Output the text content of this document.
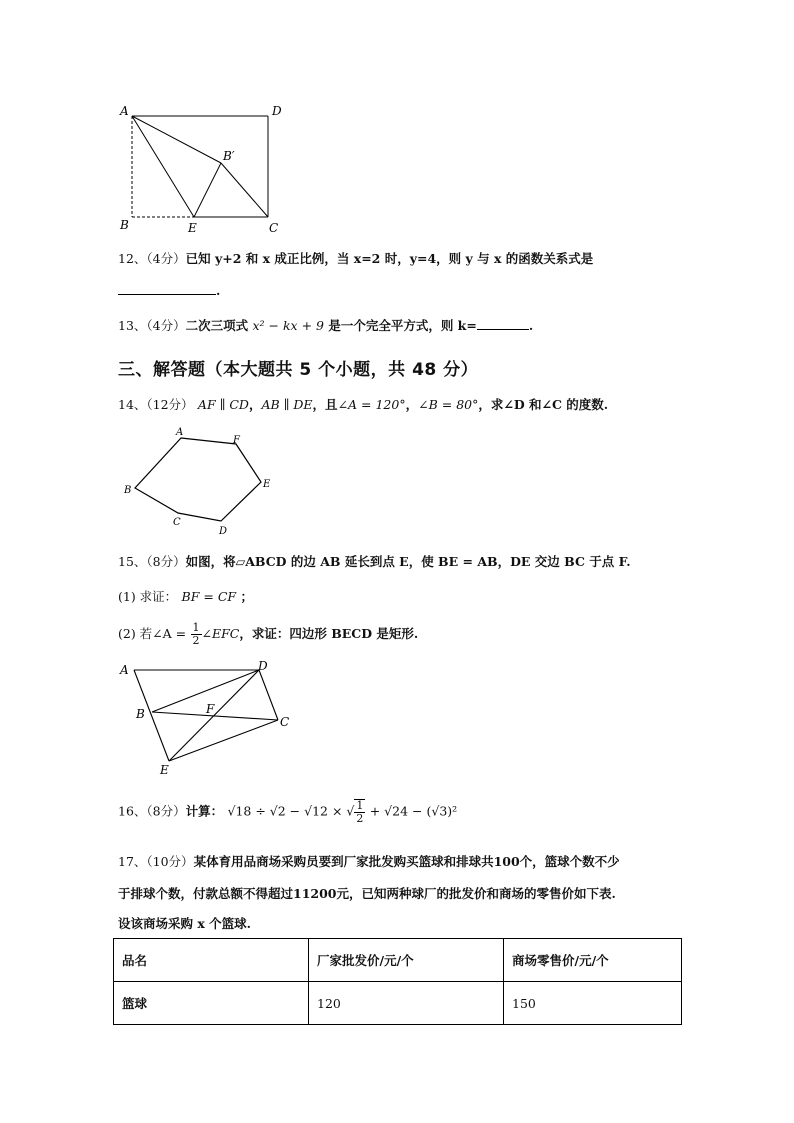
A	D
B′
B	E	C
12、（4分）已知 y+2 和 x 成正比例，当 x=2 时，y=4，则 y 与 x 的函数关系式是
.
13、（4分）二次三项式 x² − kx + 9 是一个完全平方式，则 k=	.
三、解答题（本大题共 5 个小题，共 48 分）
14、（12分） AF ∥ CD，AB ∥ DE，且∠A = 120°，∠B = 80°，求∠D 和∠C 的度数.
A
F
B
E
C
D
15、（8分）如图，将▱ABCD 的边 AB 延长到点 E，使 BE = AB，DE 交边 BC 于点 F.
(1) 求证： BF = CF ；
(2) 若∠A = $\frac{1}{2}$ ∠EFC，求证：四边形 BECD 是矩形.
A	D
B	F
C
E
16、（8分）计算： √18 ÷ √2 − √12 × √ $\frac{1}{2} + √24 - (√3)^2$
17、（10分）某体育用品商场采购员要到厂家批发购买篮球和排球共100个，篮球个数不少
于排球个数，付款总额不得超过11200元，已知两种球厂的批发价和商场的零售价如下表.
设该商场采购 x 个篮球.
品名	厂家批发价/元/个	商场零售价/元/个
篮球	120	150
